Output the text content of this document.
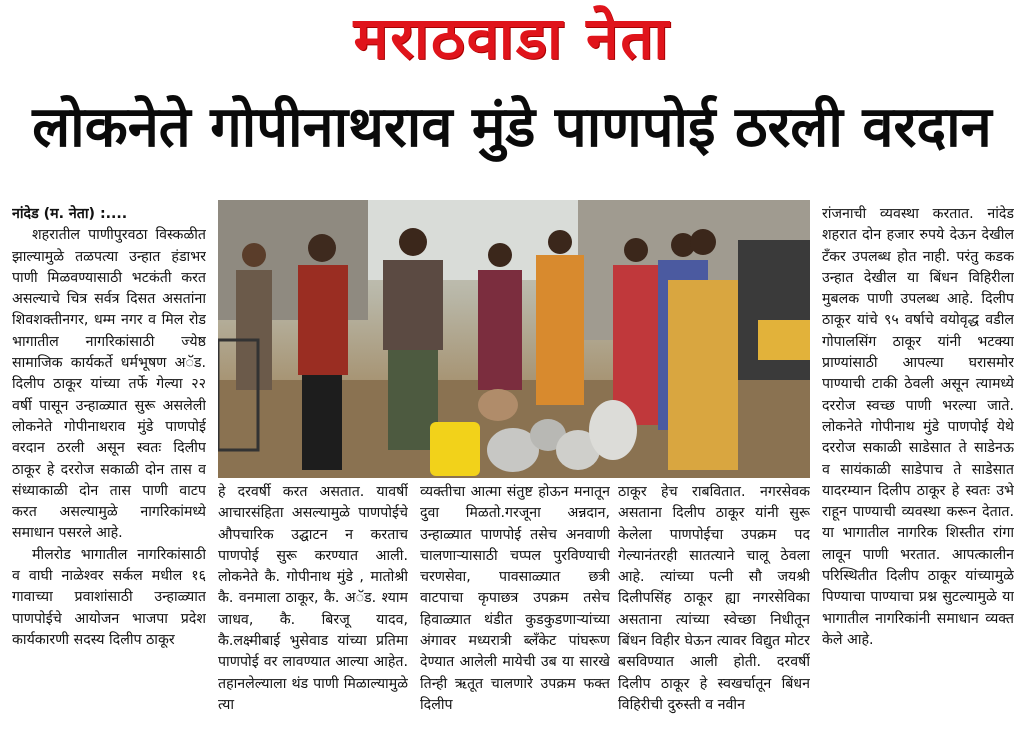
मराठवाडा नेता
लोकनेते गोपीनाथराव मुंडे पाणपोई ठरली वरदान

नांदेड (म. नेता) :....

शहरातील पाणीपुरवठा विस्कळीत झाल्यामुळे तळपत्या उन्हात हंडाभर पाणी मिळवण्यासाठी भटकंती करत असल्याचे चित्र सर्वत्र दिसत असतांना शिवशक्तीनगर, धम्म नगर व मिल रोड भागातील नागरिकांसाठी ज्येष्ठ सामाजिक कार्यकर्ते धर्मभूषण अॅड. दिलीप ठाकूर यांच्या तर्फे गेल्या २२ वर्षी पासून उन्हाळ्यात सुरू असलेली लोकनेते गोपीनाथराव मुंडे पाणपोई वरदान ठरली असून स्वतः दिलीप ठाकूर हे दररोज सकाळी दोन तास व संध्याकाळी दोन तास पाणी वाटप करत असल्यामुळे नागरिकांमध्ये समाधान पसरले आहे.

मीलरोड भागातील नागरिकांसाठी व वाघी नाळेश्वर सर्कल मधील १६ गावाच्या प्रवाशांसाठी उन्हाळ्यात पाणपोईचे आयोजन भाजपा प्रदेश कार्यकारणी सदस्य दिलीप ठाकूर

हे दरवर्षी करत असतात. यावर्षी आचारसंहिता असल्यामुळे पाणपोईचे औपचारिक उद्घाटन न करताच पाणपोई सुरू करण्यात आली. लोकनेते कै. गोपीनाथ मुंडे , मातोश्री कै. वनमाला ठाकूर, कै. अॅड. श्याम जाधव, कै. बिरजू यादव, कै.लक्ष्मीबाई भुसेवाड यांच्या प्रतिमा पाणपोई वर लावण्यात आल्या आहेत. तहानलेल्याला थंड पाणी मिळाल्यामुळे त्या

व्यक्तीचा आत्मा संतुष्ट होऊन मनातून दुवा मिळतो.गरजूना अन्नदान, उन्हाळ्यात पाणपोई तसेच अनवाणी चालणाऱ्यासाठी चप्पल पुरविण्याची चरणसेवा, पावसाळ्यात छत्री वाटपाचा कृपाछत्र उपक्रम तसेच हिवाळ्यात थंडीत कुडकुडणाऱ्यांच्या अंगावर मध्यरात्री ब्लँकेट पांघरूण देण्यात आलेली मायेची उब या सारखे तिन्ही ऋतूत चालणारे उपक्रम फक्त दिलीप

ठाकूर हेच राबवितात. नगरसेवक असताना दिलीप ठाकूर यांनी सुरू केलेला पाणपोईचा उपक्रम पद गेल्यानंतरही सातत्याने चालू ठेवला आहे. त्यांच्या पत्नी सौ जयश्री दिलीपसिंह ठाकूर ह्या नगरसेविका असताना त्यांच्या स्वेच्छा निधीतून बिंधन विहीर घेऊन त्यावर विद्युत मोटर बसविण्यात आली होती. दरवर्षी दिलीप ठाकूर हे स्वखर्चातून बिंधन विहिरीची दुरुस्ती व नवीन

रांजनाची व्यवस्था करतात. नांदेड शहरात दोन हजार रुपये देऊन देखील टँकर उपलब्ध होत नाही. परंतु कडक उन्हात देखील या बिंधन विहिरीला मुबलक पाणी उपलब्ध आहे. दिलीप ठाकूर यांचे ९५ वर्षाचे वयोवृद्ध वडील गोपालसिंग ठाकूर यांनी भटक्या प्राण्यांसाठी आपल्या घरासमोर पाण्याची टाकी ठेवली असून त्यामध्ये दररोज स्वच्छ पाणी भरल्या जाते. लोकनेते गोपीनाथ मुंडे पाणपोई येथे दररोज सकाळी साडेसात ते साडेनऊ व सायंकाळी साडेपाच ते साडेसात यादरम्यान दिलीप ठाकूर हे स्वतः उभे राहून पाण्याची व्यवस्था करून देतात. या भागातील नागरिक शिस्तीत रांगा लावून पाणी भरतात. आपत्कालीन परिस्थितीत दिलीप ठाकूर यांच्यामुळे पिण्याचा पाण्याचा प्रश्न सुटल्यामुळे या भागातील नागरिकांनी समाधान व्यक्त केले आहे.
